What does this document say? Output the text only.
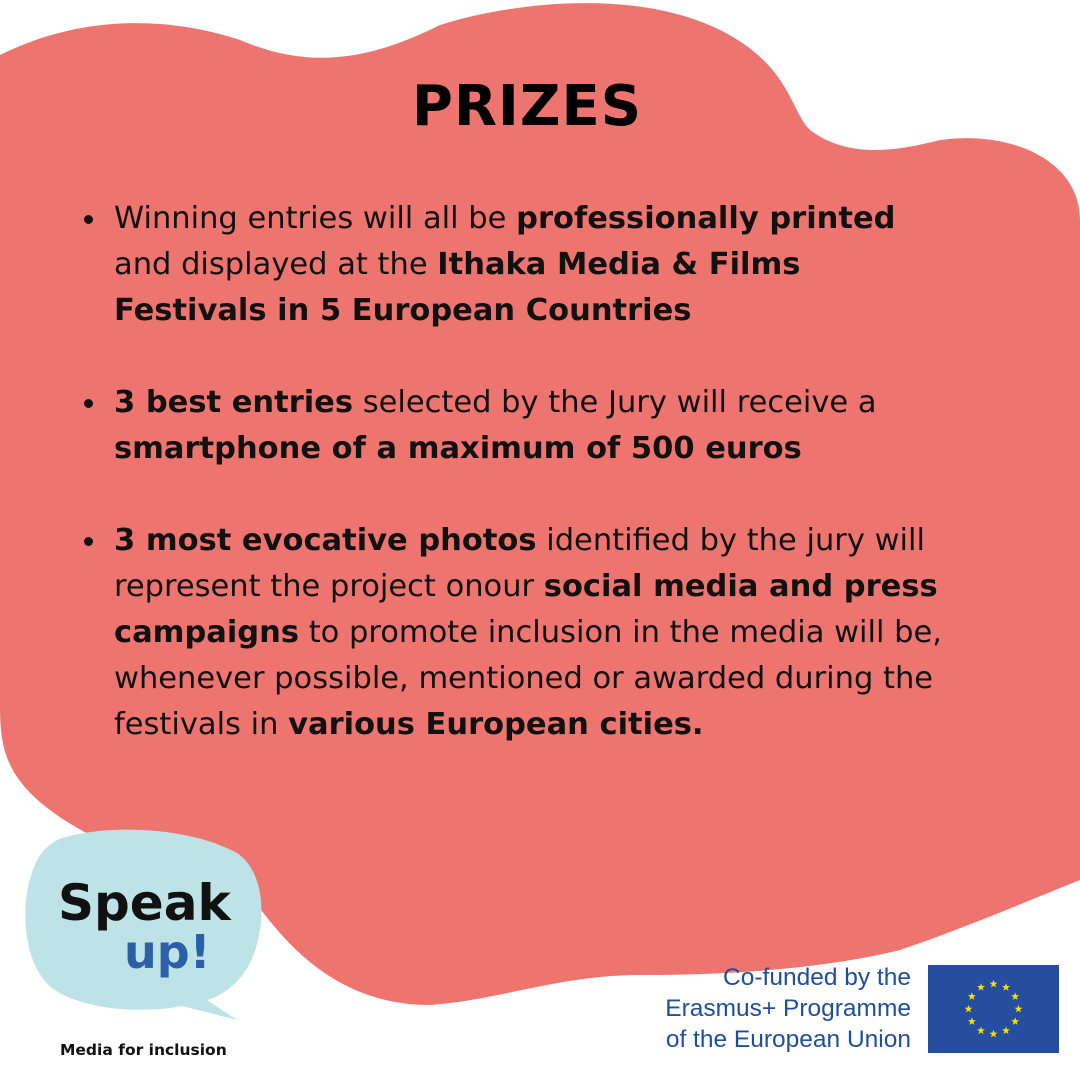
PRIZES
Winning entries will all be professionally printed and displayed at the Ithaka Media & Films Festivals in 5 European Countries
3 best entries selected by the Jury will receive a smartphone of a maximum of 500 euros
3 most evocative photos identified by the jury will represent the project onour social media and press campaigns to promote inclusion in the media will be, whenever possible, mentioned or awarded during the festivals in various European cities.
Speak
up!
Media for inclusion
Co-funded by the
Erasmus+ Programme
of the European Union
